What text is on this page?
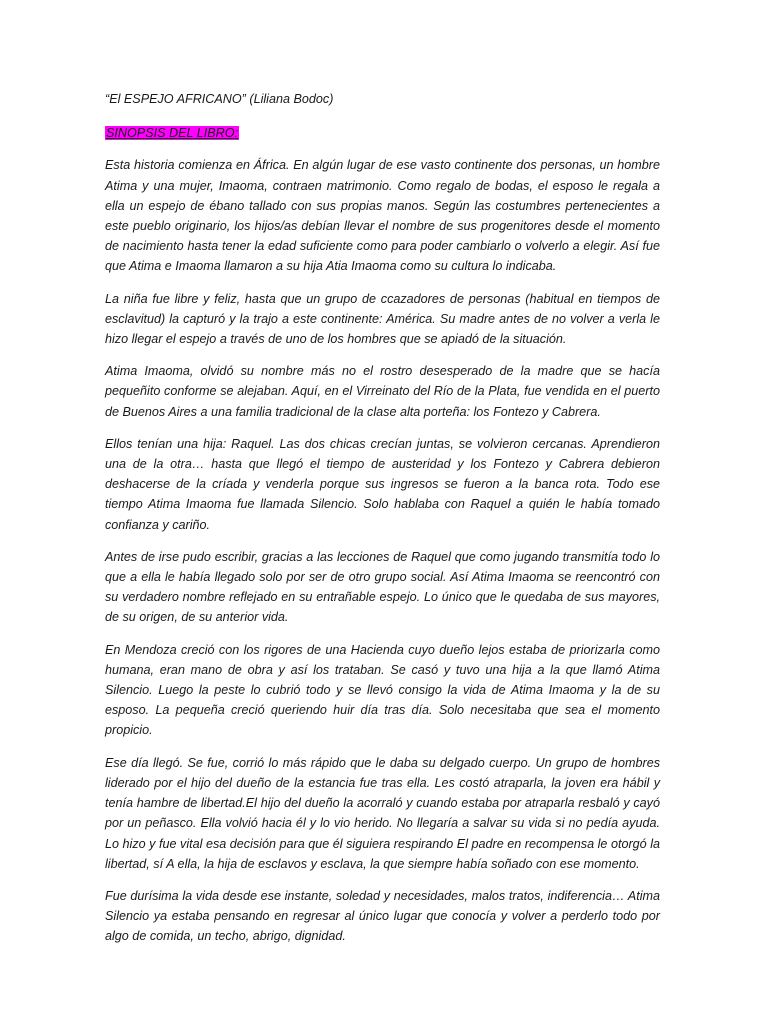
“El ESPEJO AFRICANO” (Liliana Bodoc)

SINOPSIS DEL LIBRO:

Esta historia comienza en África. En algún lugar de ese vasto continente dos personas, un hombre Atima y una mujer, Imaoma, contraen matrimonio. Como regalo de bodas, el esposo le regala a ella un espejo de ébano tallado con sus propias manos. Según las costumbres pertenecientes a este pueblo originario, los hijos/as debían llevar el nombre de sus progenitores desde el momento de nacimiento hasta tener la edad suficiente como para poder cambiarlo o volverlo a elegir. Así fue que Atima e Imaoma llamaron a su hija Atia Imaoma como su cultura lo indicaba.

La niña fue libre y feliz, hasta que un grupo de ccazadores de personas (habitual en tiempos de esclavitud) la capturó y la trajo a este continente: América. Su madre antes de no volver a verla le hizo llegar el espejo a través de uno de los hombres que se apiadó de la situación.

Atima Imaoma, olvidó su nombre más no el rostro desesperado de la madre que se hacía pequeñito conforme se alejaban. Aquí, en el Virreinato del Río de la Plata, fue vendida en el puerto de Buenos Aires a una familia tradicional de la clase alta porteña: los Fontezo y Cabrera.

Ellos tenían una hija: Raquel. Las dos chicas crecían juntas, se volvieron cercanas. Aprendieron una de la otra… hasta que llegó el tiempo de austeridad y los Fontezo y Cabrera debieron deshacerse de la críada y venderla porque sus ingresos se fueron a la banca rota. Todo ese tiempo Atima Imaoma fue llamada Silencio. Solo hablaba con Raquel a quién le había tomado confianza y cariño.

Antes de irse pudo escribir, gracias a las lecciones de Raquel que como jugando transmitía todo lo que a ella le había llegado solo por ser de otro grupo social. Así Atima Imaoma se reencontró con su verdadero nombre reflejado en su entrañable espejo. Lo único que le quedaba de sus mayores, de su origen, de su anterior vida.

En Mendoza creció con los rigores de una Hacienda cuyo dueño lejos estaba de priorizarla como humana, eran mano de obra y así los trataban. Se casó y tuvo una hija a la que llamó Atima Silencio. Luego la peste lo cubrió todo y se llevó consigo la vida de Atima Imaoma y la de su esposo. La pequeña creció queriendo huir día tras día. Solo necesitaba que sea el momento propicio.

Ese día llegó. Se fue, corrió lo más rápido que le daba su delgado cuerpo. Un grupo de hombres liderado por el hijo del dueño de la estancia fue tras ella. Les costó atraparla, la joven era hábil y tenía hambre de libertad.El hijo del dueño la acorraló y cuando estaba por atraparla resbaló y cayó por un peñasco. Ella volvió hacia él y lo vio herido. No llegaría a salvar su vida si no pedía ayuda. Lo hizo y fue vital esa decisión para que él siguiera respirando El padre en recompensa le otorgó la libertad, sí A ella, la hija de esclavos y esclava, la que siempre había soñado con ese momento.

Fue durísima la vida desde ese instante, soledad y necesidades, malos tratos, indiferencia… Atima Silencio ya estaba pensando en regresar al único lugar que conocía y volver a perderlo todo por algo de comida, un techo, abrigo, dignidad.
